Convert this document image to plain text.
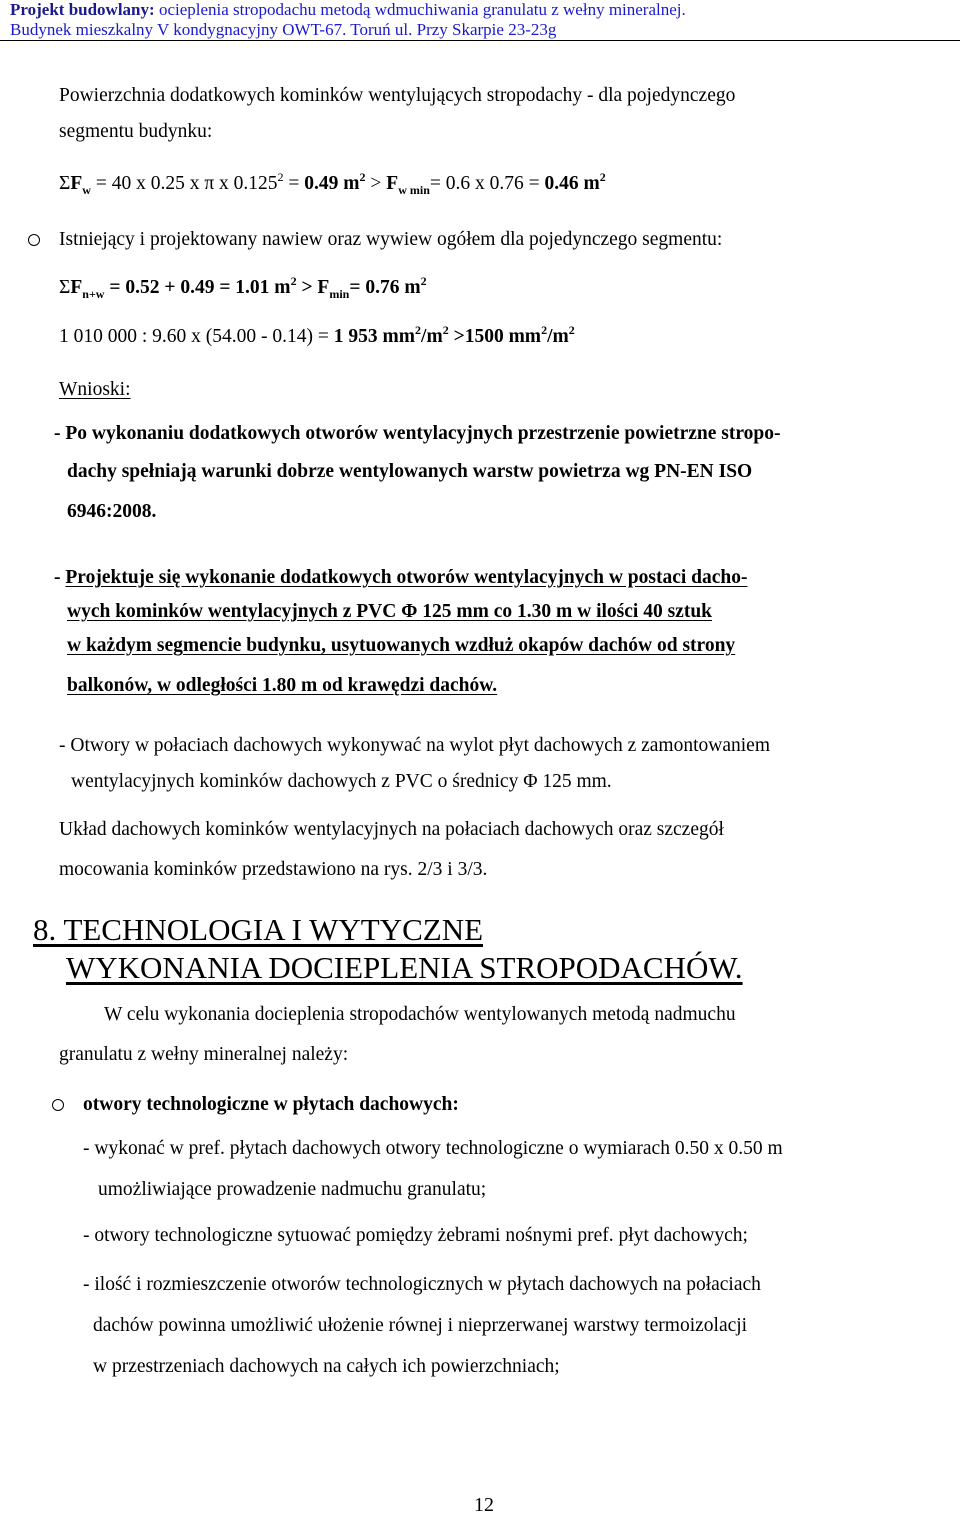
Projekt budowlany: ocieplenia stropodachu metodą wdmuchiwania granulatu z wełny mineralnej.
Budynek mieszkalny V kondygnacyjny OWT-67. Toruń ul. Przy Skarpie 23-23g
Powierzchnia dodatkowych kominków wentylujących stropodachy - dla pojedynczego
segmentu budynku:
$\Sigma F_w = 40$ x 0.25 x π x $0.125^2 = 0.49$ $m^2 > F_{w min}= 0.6$ x 0.76 = 0.46 $m^2$
Istniejący i projektowany nawiew oraz wywiew ogółem dla pojedynczego segmentu:
$\Sigma F_{n+w} = 0.52 + 0.49 = 1.01$ $m^2 > F_{min}= 0.76$ $m^2$
1 010 000 : 9.60 x (54.00 - 0.14) = 1 953 $mm^2/m^2 >1500$ $mm^2/m^2$
Wnioski:
- Po wykonaniu dodatkowych otworów wentylacyjnych przestrzenie powietrzne stropo-
dachy spełniają warunki dobrze wentylowanych warstw powietrza wg PN-EN ISO
6946:2008.
- Projektuje się wykonanie dodatkowych otworów wentylacyjnych w postaci dacho-
wych kominków wentylacyjnych z PVC Φ 125 mm co 1.30 m w ilości 40 sztuk
w każdym segmencie budynku, usytuowanych wzdłuż okapów dachów od strony
balkonów, w odległości 1.80 m od krawędzi dachów.
- Otwory w połaciach dachowych wykonywać na wylot płyt dachowych z zamontowaniem
wentylacyjnych kominków dachowych z PVC o średnicy Φ 125 mm.
Układ dachowych kominków wentylacyjnych na połaciach dachowych oraz szczegół
mocowania kominków przedstawiono na rys. 2/3 i 3/3.
8. TECHNOLOGIA I WYTYCZNE
WYKONANIA DOCIEPLENIA STROPODACHÓW.
W celu wykonania docieplenia stropodachów wentylowanych metodą nadmuchu
granulatu z wełny mineralnej należy:
otwory technologiczne w płytach dachowych:
- wykonać w pref. płytach dachowych otwory technologiczne o wymiarach 0.50 x 0.50 m
umożliwiające prowadzenie nadmuchu granulatu;
- otwory technologiczne sytuować pomiędzy żebrami nośnymi pref. płyt dachowych;
- ilość i rozmieszczenie otworów technologicznych w płytach dachowych na połaciach
dachów powinna umożliwić ułożenie równej i nieprzerwanej warstwy termoizolacji
w przestrzeniach dachowych na całych ich powierzchniach;
12
